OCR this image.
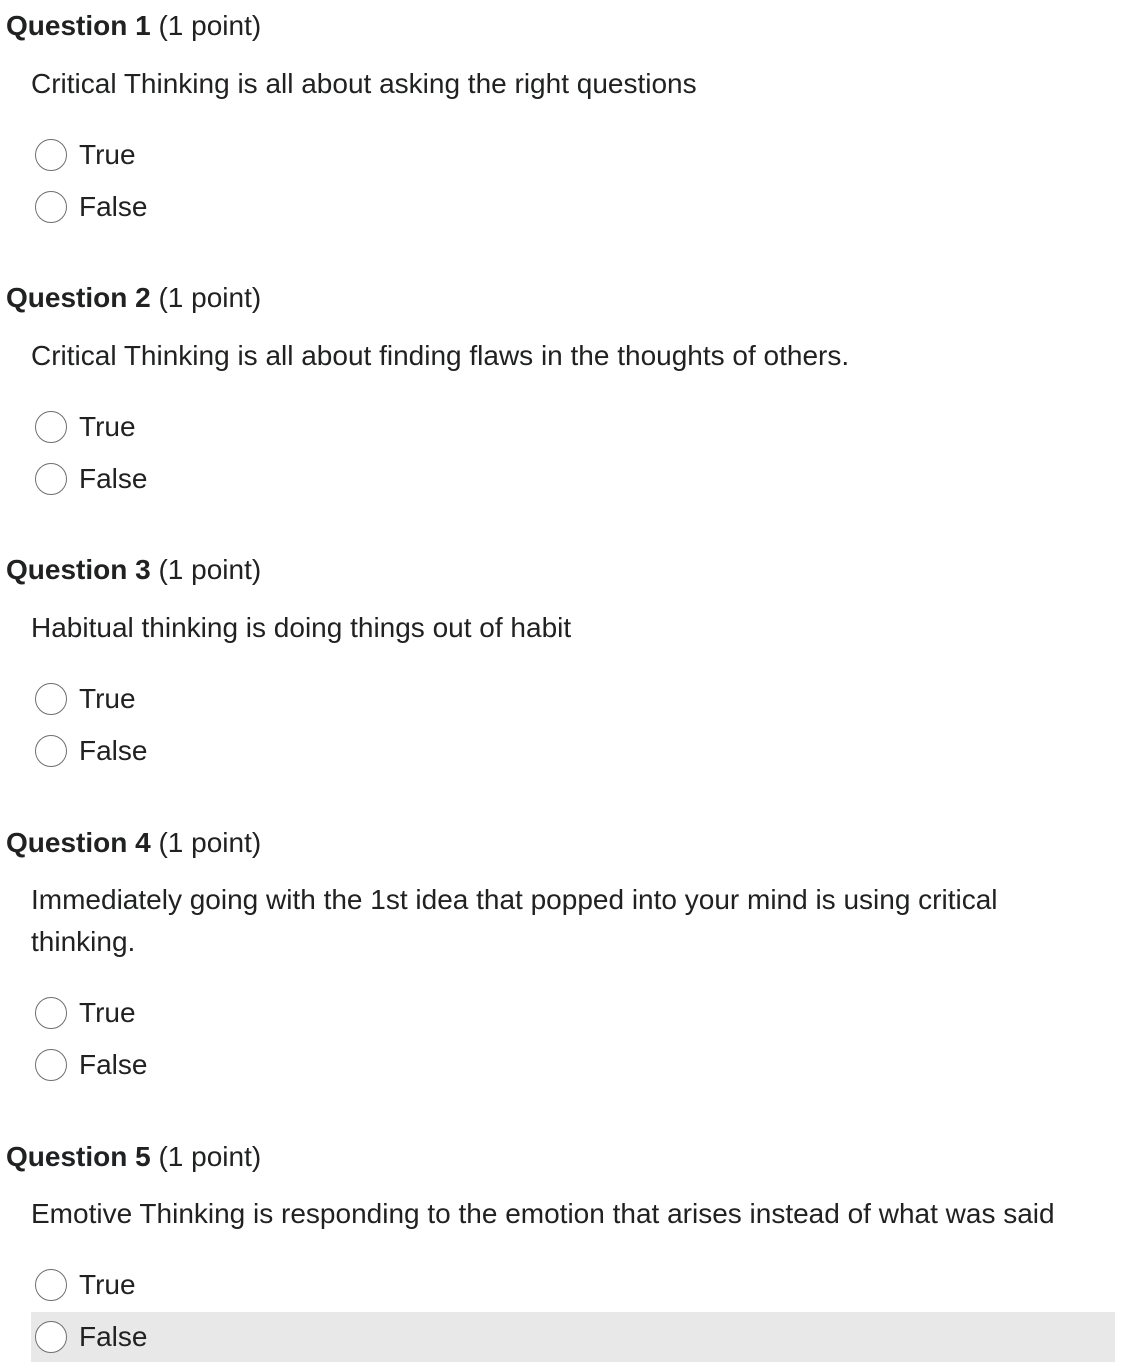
Question 1 (1 point)
Critical Thinking is all about asking the right questions
True
False
Question 2 (1 point)
Critical Thinking is all about finding flaws in the thoughts of others.
True
False
Question 3 (1 point)
Habitual thinking is doing things out of habit
True
False
Question 4 (1 point)
Immediately going with the 1st idea that popped into your mind is using critical thinking.
True
False
Question 5 (1 point)
Emotive Thinking is responding to the emotion that arises instead of what was said
True
False
